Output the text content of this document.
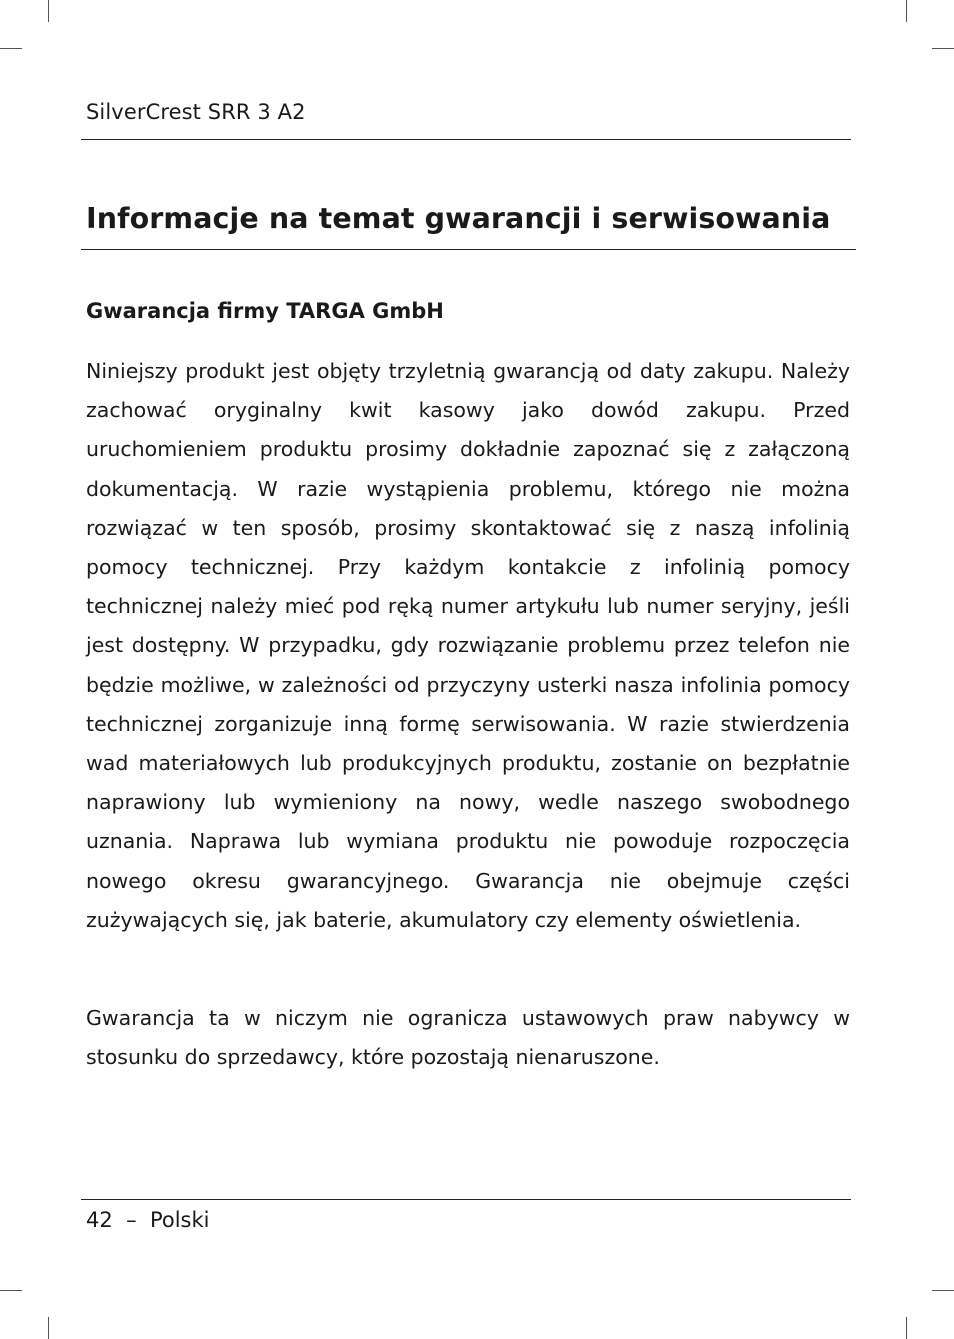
SilverCrest SRR 3 A2
Informacje na temat gwarancji i serwisowania
Gwarancja firmy TARGA GmbH

Niniejszy produkt jest objęty trzyletnią gwarancją od daty zakupu. Należy zachować oryginalny kwit kasowy jako dowód zakupu. Przed uruchomieniem produktu prosimy dokładnie zapoznać się z załączoną dokumentacją. W razie wystąpienia problemu, którego nie można rozwiązać w ten sposób, prosimy skontaktować się z naszą infolinią pomocy technicznej. Przy każdym kontakcie z infolinią pomocy technicznej należy mieć pod ręką numer artykułu lub numer seryjny, jeśli jest dostępny. W przypadku, gdy rozwiązanie problemu przez telefon nie będzie możliwe, w zależności od przyczyny usterki nasza infolinia pomocy technicznej zorganizuje inną formę serwisowania. W razie stwierdzenia wad materiałowych lub produkcyjnych produktu, zostanie on bezpłatnie naprawiony lub wymieniony na nowy, wedle naszego swobodnego uznania. Naprawa lub wymiana produktu nie powoduje rozpoczęcia nowego okresu gwarancyjnego. Gwarancja nie obejmuje części zużywających się, jak baterie, akumulatory czy elementy oświetlenia.

Gwarancja ta w niczym nie ogranicza ustawowych praw nabywcy w stosunku do sprzedawcy, które pozostają nienaruszone.

42 – Polski
